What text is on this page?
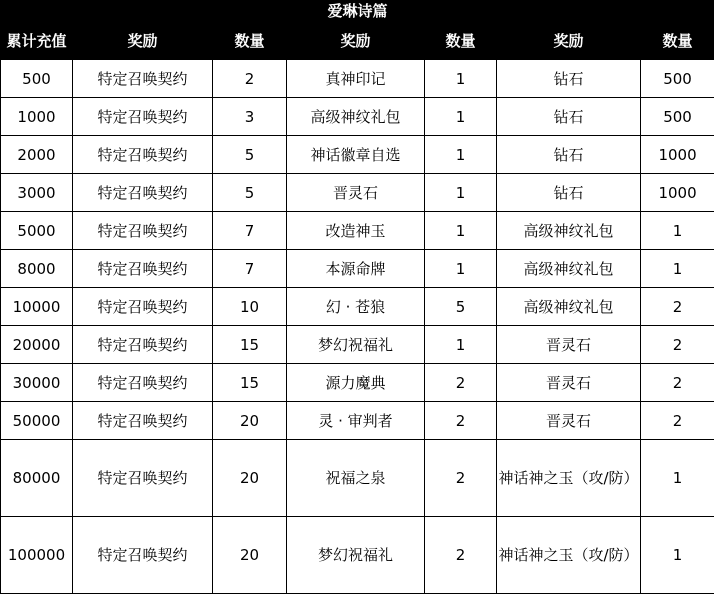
爱琳诗篇						
累计充值	奖励	数量	奖励	数量	奖励	数量
500	特定召唤契约	2	真神印记	1	钻石	500
1000	特定召唤契约	3	高级神纹礼包	1	钻石	500
2000	特定召唤契约	5	神话徽章自选	1	钻石	1000
3000	特定召唤契约	5	晋灵石	1	钻石	1000
5000	特定召唤契约	7	改造神玉	1	高级神纹礼包	1
8000	特定召唤契约	7	本源命牌	1	高级神纹礼包	1
10000	特定召唤契约	10	幻 · 苍狼	5	高级神纹礼包	2
20000	特定召唤契约	15	梦幻祝福礼	1	晋灵石	2
30000	特定召唤契约	15	源力魔典	2	晋灵石	2
50000	特定召唤契约	20	灵 · 审判者	2	晋灵石	2
80000	特定召唤契约	20	祝福之泉	2	神话神之玉（攻/防）	1
100000	特定召唤契约	20	梦幻祝福礼	2	神话神之玉（攻/防）	1
